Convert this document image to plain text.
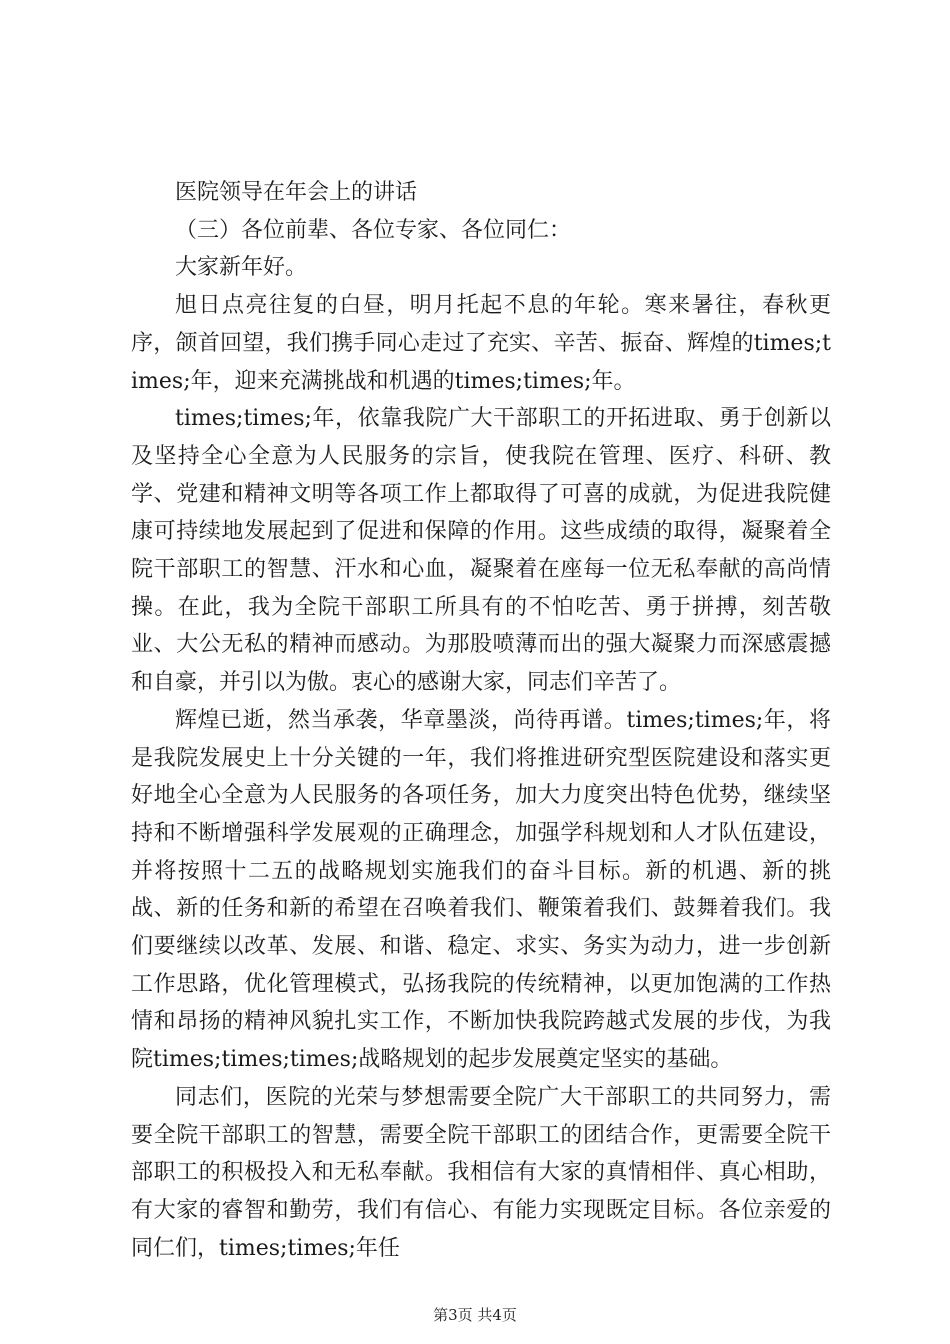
医院领导在年会上的讲话

（三）各位前辈、各位专家、各位同仁：

大家新年好。

旭日点亮往复的白昼，明月托起不息的年轮。寒来暑往，春秋更序，颌首回望，我们携手同心走过了充实、辛苦、振奋、辉煌的times;times;年，迎来充满挑战和机遇的times;times;年。

times;times;年，依靠我院广大干部职工的开拓进取、勇于创新以及坚持全心全意为人民服务的宗旨，使我院在管理、医疗、科研、教学、党建和精神文明等各项工作上都取得了可喜的成就，为促进我院健康可持续地发展起到了促进和保障的作用。这些成绩的取得，凝聚着全院干部职工的智慧、汗水和心血，凝聚着在座每一位无私奉献的高尚情操。在此，我为全院干部职工所具有的不怕吃苦、勇于拼搏，刻苦敬业、大公无私的精神而感动。为那股喷薄而出的强大凝聚力而深感震撼和自豪，并引以为傲。衷心的感谢大家，同志们辛苦了。

辉煌已逝，然当承袭，华章墨淡，尚待再谱。times;times;年，将是我院发展史上十分关键的一年，我们将推进研究型医院建设和落实更好地全心全意为人民服务的各项任务，加大力度突出特色优势，继续坚持和不断增强科学发展观的正确理念，加强学科规划和人才队伍建设，并将按照十二五的战略规划实施我们的奋斗目标。新的机遇、新的挑战、新的任务和新的希望在召唤着我们、鞭策着我们、鼓舞着我们。我们要继续以改革、发展、和谐、稳定、求实、务实为动力，进一步创新工作思路，优化管理模式，弘扬我院的传统精神，以更加饱满的工作热情和昂扬的精神风貌扎实工作，不断加快我院跨越式发展的步伐，为我院times;times;times;战略规划的起步发展奠定坚实的基础。

同志们，医院的光荣与梦想需要全院广大干部职工的共同努力，需要全院干部职工的智慧，需要全院干部职工的团结合作，更需要全院干部职工的积极投入和无私奉献。我相信有大家的真情相伴、真心相助，有大家的睿智和勤劳，我们有信心、有能力实现既定目标。各位亲爱的同仁们，times;times;年任

第3页 共4页
